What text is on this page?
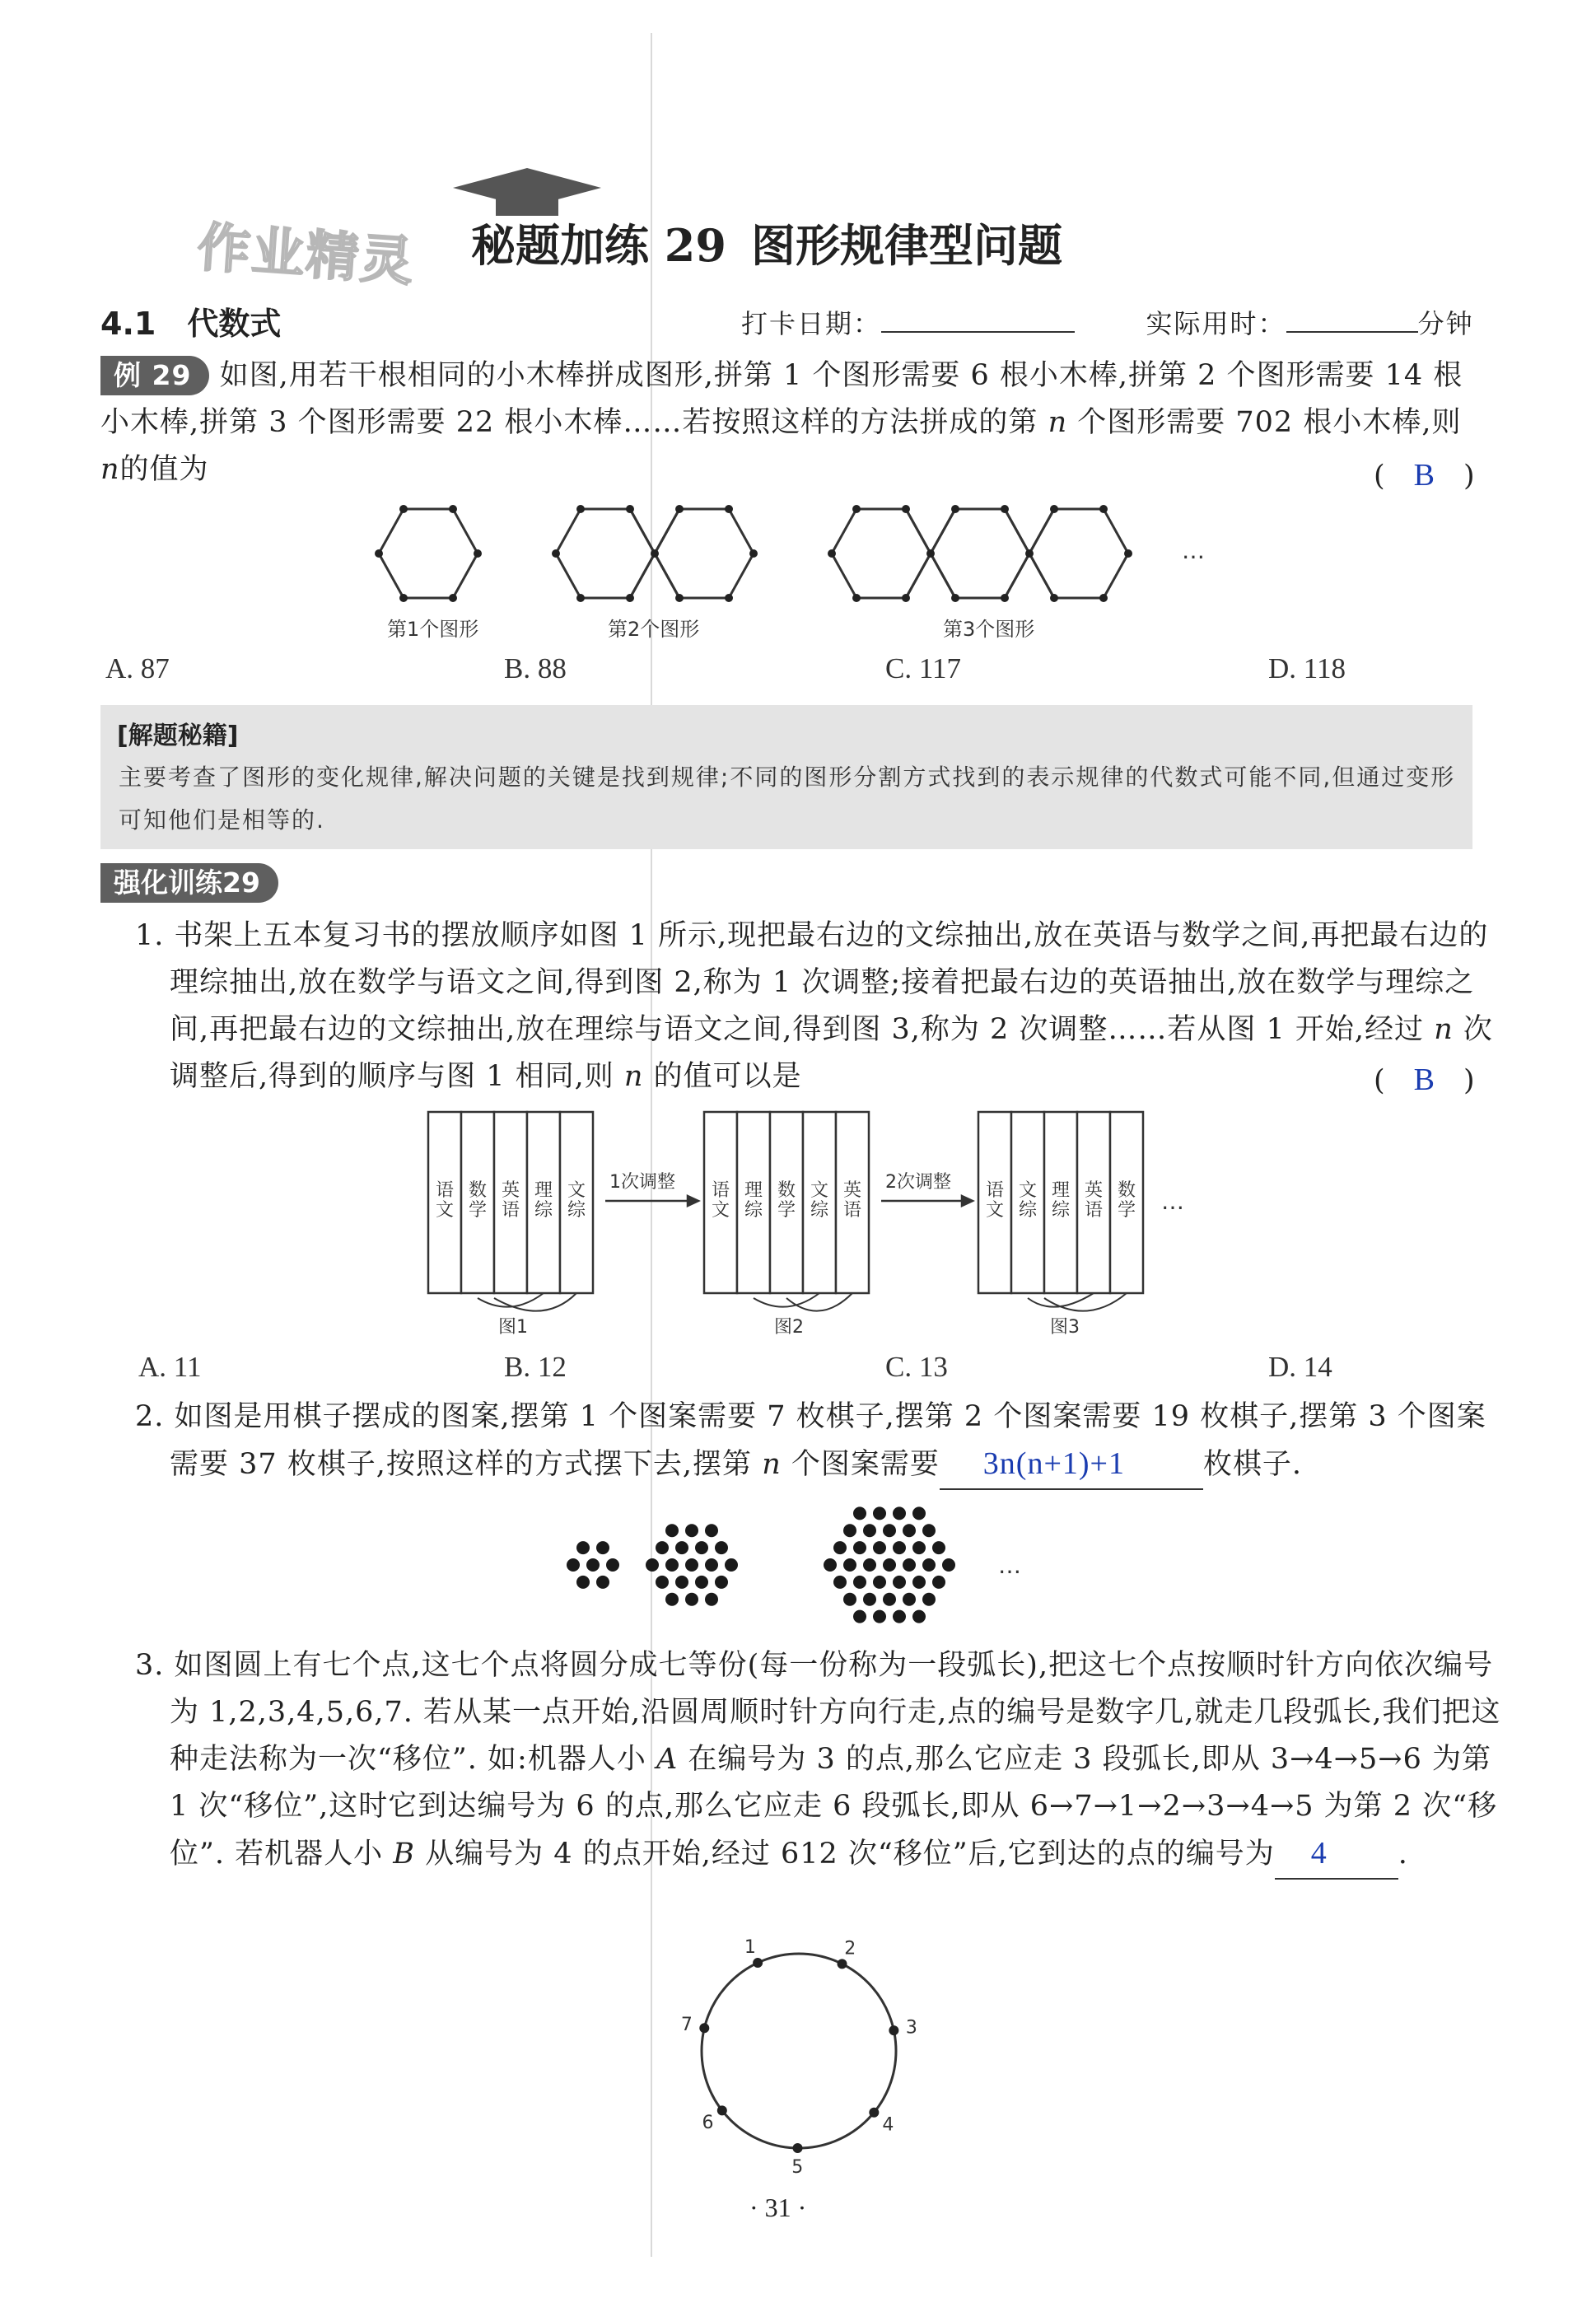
作业精灵 秘题加练 29 图形规律型问题
4.1　代数式	打卡日期：	实际用时：	分钟
例 29 如图,用若干根相同的小木棒拼成图形,拼第 1 个图形需要 6 根小木棒,拼第 2 个图形需要 14 根小木棒,拼第 3 个图形需要 22 根小木棒……若按照这样的方法拼成的第 n 个图形需要 702 根小木棒,则 n的值为	(　B　)
…
第1个图形	第2个图形	第3个图形
A. 87	B. 88	C. 117	D. 118
[解题秘籍]
主要考查了图形的变化规律,解决问题的关键是找到规律;不同的图形分割方式找到的表示规律的代数式可能不同,但通过变形可知他们是相等的.
强化训练29
1. 书架上五本复习书的摆放顺序如图 1 所示,现把最右边的文综抽出,放在英语与数学之间,再把最右边的理综抽出,放在数学与语文之间,得到图 2,称为 1 次调整;接着把最右边的英语抽出,放在数学与理综之间,再把最右边的文综抽出,放在理综与语文之间,得到图 3,称为 2 次调整……若从图 1 开始,经过 n 次调整后,得到的顺序与图 1 相同,则 n 的值可以是	(　B　)
语
文
数
学
英
语
理
综
文
综
语
文
理
综
数
学
文
综
英
语
语
文
文
综
理
综
英
语
数
学
1次调整	2次调整
图1	图2	图3
…
A. 11	B. 12	C. 13	D. 14
2. 如图是用棋子摆成的图案,摆第 1 个图案需要 7 枚棋子,摆第 2 个图案需要 19 枚棋子,摆第 3 个图案需要 37 枚棋子,按照这样的方式摆下去,摆第 n 个图案需要 3n(n+1)+1	枚棋子.
…
3. 如图圆上有七个点,这七个点将圆分成七等份(每一份称为一段弧长),把这七个点按顺时针方向依次编号为 1,2,3,4,5,6,7. 若从某一点开始,沿圆周顺时针方向行走,点的编号是数字几,就走几段弧长,我们把这种走法称为一次“移位”. 如:机器人小 A 在编号为 3 的点,那么它应走 3 段弧长,即从 3→4→5→6 为第 1 次“移位”,这时它到达编号为 6 的点,那么它应走 6 段弧长,即从 6→7→1→2→3→4→5 为第 2 次“移位”. 若机器人小 B 从编号为 4 的点开始,经过 612 次“移位”后,它到达的点的编号为 4 .
1	2
3
4
5
6
7
· 31 ·
